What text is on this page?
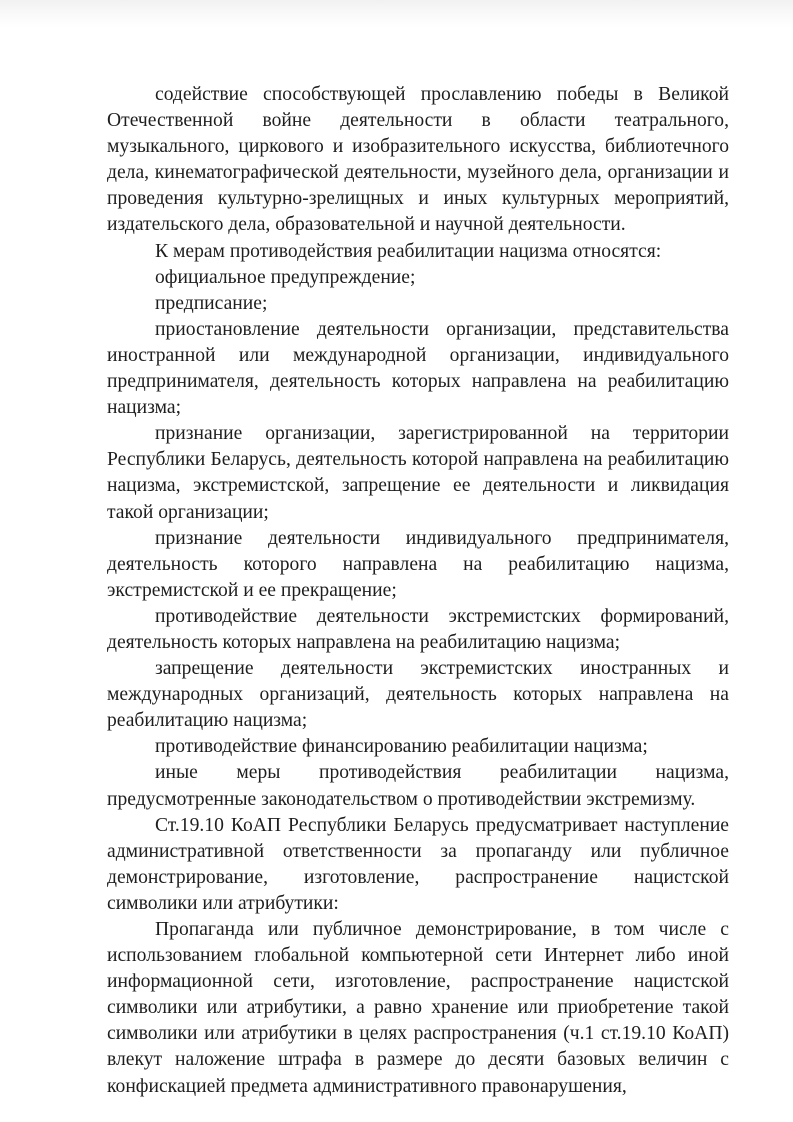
содействие способствующей прославлению победы в Великой Отечественной войне деятельности в области театрального, музыкального, циркового и изобразительного искусства, библиотечного дела, кинематографической деятельности, музейного дела, организации и проведения культурно-зрелищных и иных культурных мероприятий, издательского дела, образовательной и научной деятельности.

К мерам противодействия реабилитации нацизма относятся:

официальное предупреждение;

предписание;

приостановление деятельности организации, представительства иностранной или международной организации, индивидуального предпринимателя, деятельность которых направлена на реабилитацию нацизма;

признание организации, зарегистрированной на территории Республики Беларусь, деятельность которой направлена на реабилитацию нацизма, экстремистской, запрещение ее деятельности и ликвидация такой организации;

признание деятельности индивидуального предпринимателя, деятельность которого направлена на реабилитацию нацизма, экстремистской и ее прекращение;

противодействие деятельности экстремистских формирований, деятельность которых направлена на реабилитацию нацизма;

запрещение деятельности экстремистских иностранных и международных организаций, деятельность которых направлена на реабилитацию нацизма;

противодействие финансированию реабилитации нацизма;

иные меры противодействия реабилитации нацизма, предусмотренные законодательством о противодействии экстремизму.

Ст.19.10 КоАП Республики Беларусь предусматривает наступление административной ответственности за пропаганду или публичное демонстрирование, изготовление, распространение нацистской символики или атрибутики:

Пропаганда или публичное демонстрирование, в том числе с использованием глобальной компьютерной сети Интернет либо иной информационной сети, изготовление, распространение нацистской символики или атрибутики, а равно хранение или приобретение такой символики или атрибутики в целях распространения (ч.1 ст.19.10 КоАП) влекут наложение штрафа в размере до десяти базовых величин с конфискацией предмета административного правонарушения,
